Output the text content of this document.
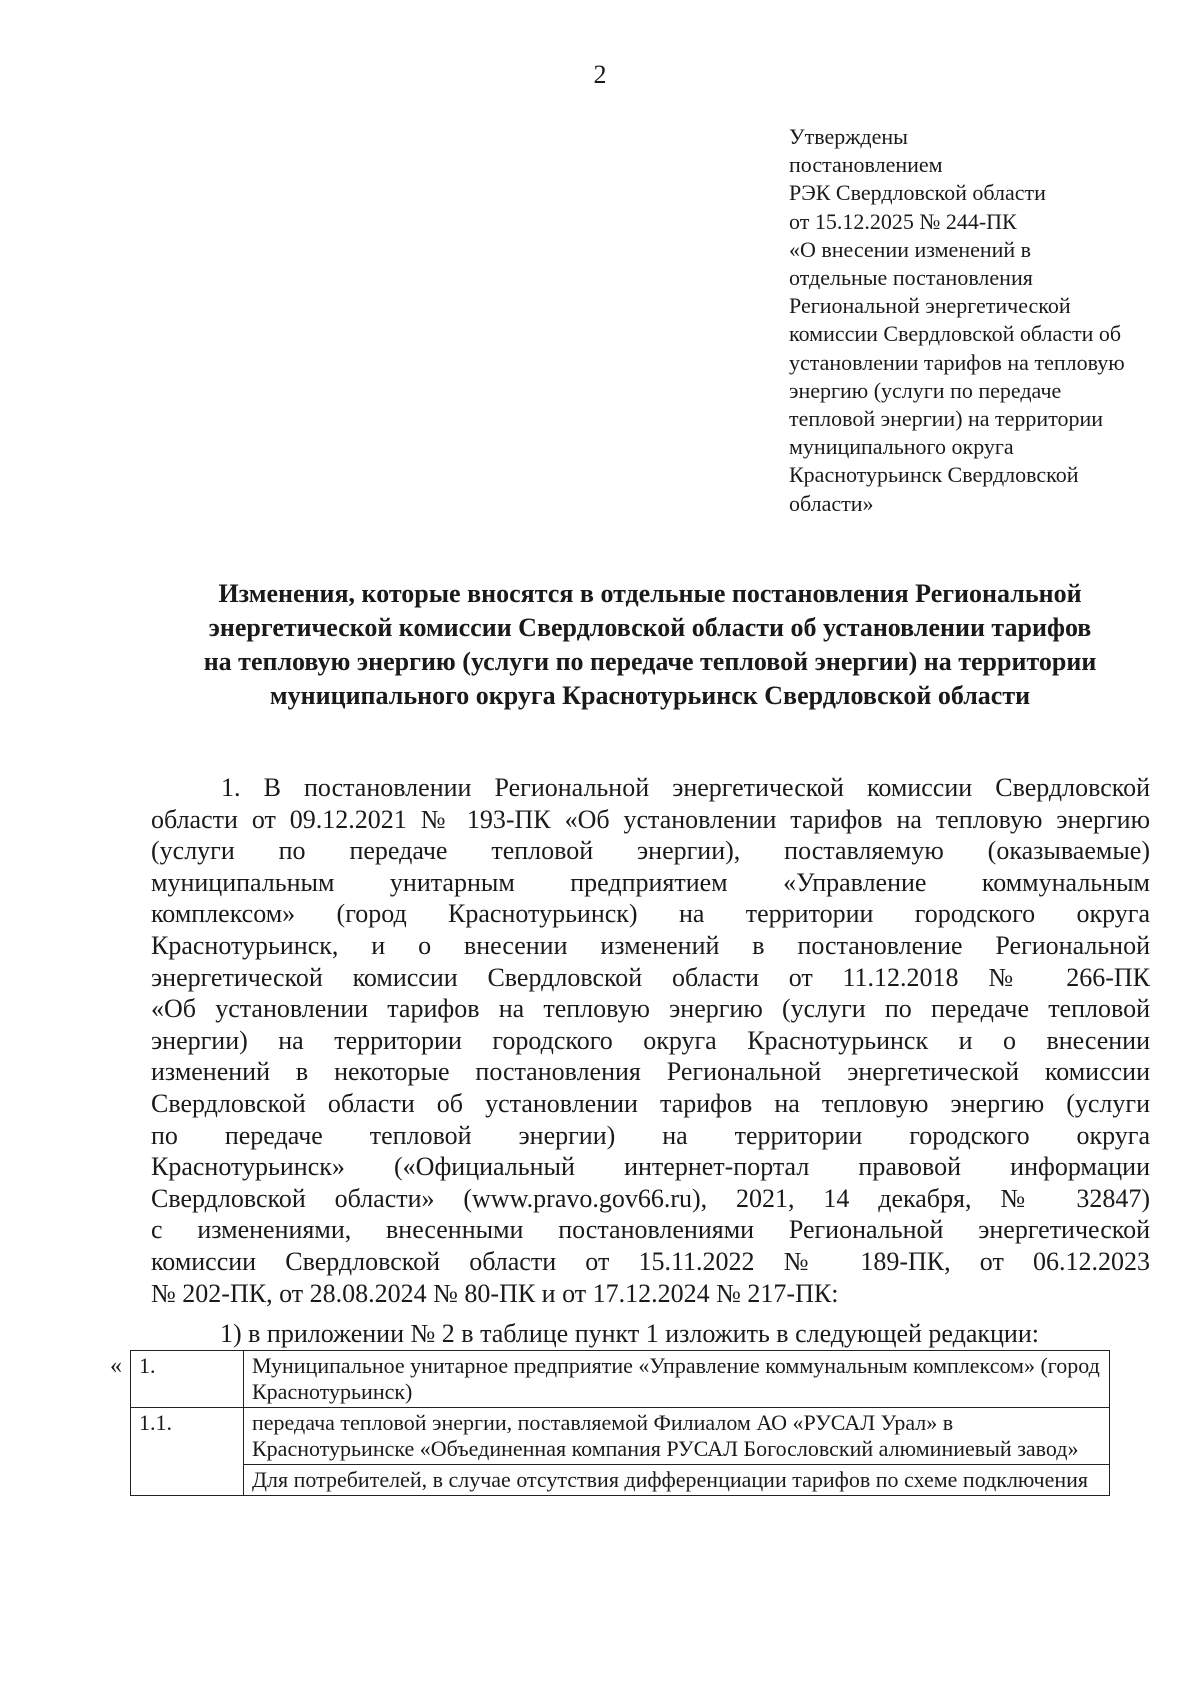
2
Утверждены
постановлением
РЭК Свердловской области
от 15.12.2025 № 244-ПК
«О внесении изменений в
отдельные постановления
Региональной энергетической
комиссии Свердловской области об
установлении тарифов на тепловую
энергию (услуги по передаче
тепловой энергии) на территории
муниципального округа
Краснотурьинск Свердловской
области»
Изменения, которые вносятся в отдельные постановления Региональной
энергетической комиссии Свердловской области об установлении тарифов
на тепловую энергию (услуги по передаче тепловой энергии) на территории
муниципального округа Краснотурьинск Свердловской области
1. В постановлении Региональной энергетической комиссии Свердловской
области от 09.12.2021 № 193-ПК «Об установлении тарифов на тепловую энергию
(услуги по передаче тепловой энергии), поставляемую (оказываемые)
муниципальным унитарным предприятием «Управление коммунальным
комплексом» (город Краснотурьинск) на территории городского округа
Краснотурьинск, и о внесении изменений в постановление Региональной
энергетической комиссии Свердловской области от 11.12.2018 № 266-ПК
«Об установлении тарифов на тепловую энергию (услуги по передаче тепловой
энергии) на территории городского округа Краснотурьинск и о внесении
изменений в некоторые постановления Региональной энергетической комиссии
Свердловской области об установлении тарифов на тепловую энергию (услуги
по передаче тепловой энергии) на территории городского округа
Краснотурьинск» («Официальный интернет-портал правовой информации
Свердловской области» (www.pravo.gov66.ru), 2021, 14 декабря, № 32847)
с изменениями, внесенными постановлениями Региональной энергетической
комиссии Свердловской области от 15.11.2022 № 189-ПК, от 06.12.2023
№ 202-ПК, от 28.08.2024 № 80-ПК и от 17.12.2024 № 217-ПК:
1) в приложении № 2 в таблице пункт 1 изложить в следующей редакции:
« 1.	Муниципальное унитарное предприятие «Управление коммунальным комплексом» (город Краснотурьинск)
1.1.	передача тепловой энергии, поставляемой Филиалом АО «РУСАЛ Урал» в Краснотурьинске «Объединенная компания РУСАЛ Богословский алюминиевый завод»
	Для потребителей, в случае отсутствия дифференциации тарифов по схеме подключения
